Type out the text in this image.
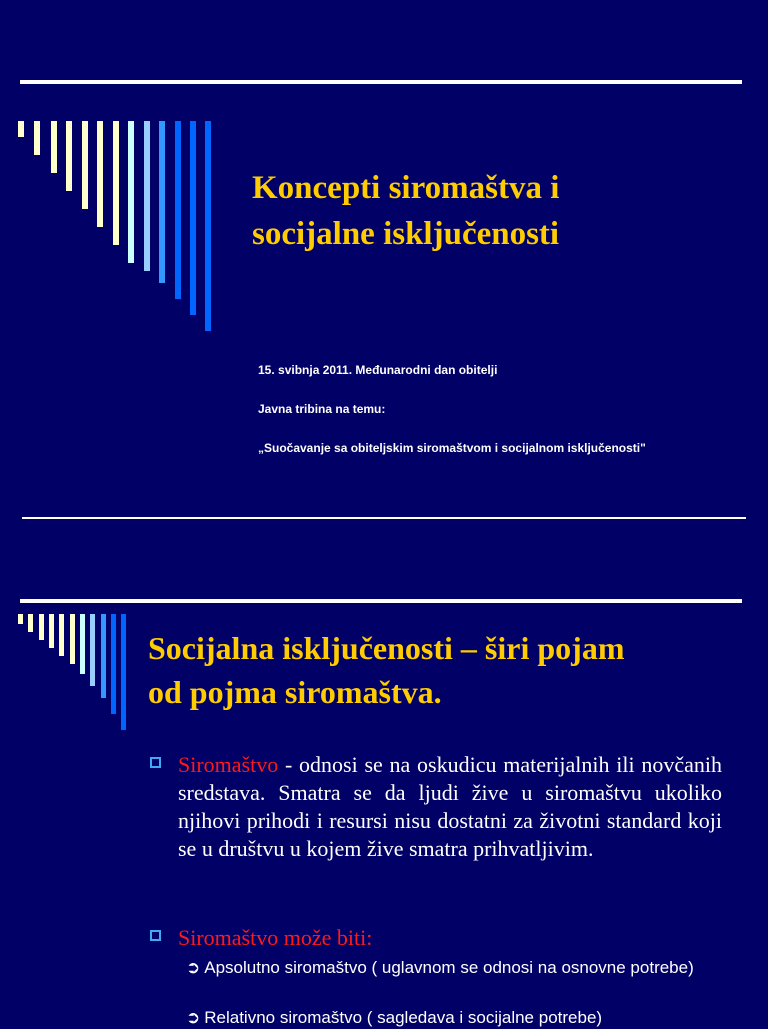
Koncepti siromaštva i
socijalne isključenosti
15. svibnja 2011. Međunarodni dan obitelji
Javna tribina na temu:
„Suočavanje sa obiteljskim siromaštvom i socijalnom isključenosti"
Socijalna isključenosti – širi pojam
od pojma siromaštva.
Siromaštvo - odnosi se na oskudicu materijalnih ili novčanih sredstava. Smatra se da ljudi žive u siromaštvu ukoliko njihovi prihodi i resursi nisu dostatni za životni standard koji se u društvu u kojem žive smatra prihvatljivim.
Siromaštvo može biti:
➲ Apsolutno siromaštvo ( uglavnom se odnosi na osnovne potrebe)
➲ Relativno siromaštvo ( sagledava i socijalne potrebe)
